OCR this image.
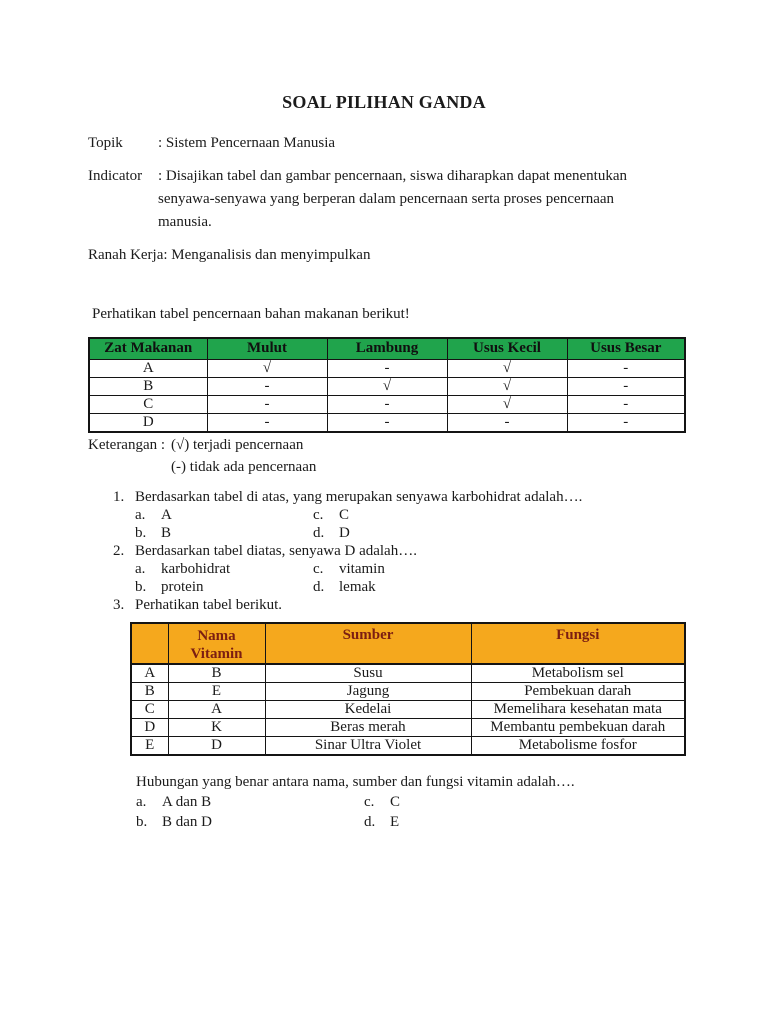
SOAL PILIHAN GANDA
Topik	: Sistem Pencernaan Manusia
Indicator	: Disajikan tabel dan gambar pencernaan, siswa diharapkan dapat menentukan senyawa-senyawa yang berperan dalam pencernaan serta proses pencernaan manusia.
Ranah Kerja : Menganalisis dan menyimpulkan
Perhatikan tabel pencernaan bahan makanan berikut!
Zat Makanan	Mulut	Lambung	Usus Kecil	Usus Besar
A	√	-	√	-
B	-	√	√	-
C	-	-	√	-
D	-	-	-	-
Keterangan : (√) terjadi pencernaan
(-) tidak ada pencernaan
1. Berdasarkan tabel di atas, yang merupakan senyawa karbohidrat adalah….
a.	A	c.	C
b. B	d. D
2. Berdasarkan tabel diatas, senyawa D adalah….
a.	karbohidrat	c.	vitamin
b. protein	d. lemak
3. Perhatikan tabel berikut.
	Nama Vitamin	Sumber	Fungsi
A	B	Susu	Metabolism sel
B	E	Jagung	Pembekuan darah
C	A	Kedelai	Memelihara kesehatan mata
D	K	Beras merah	Membantu pembekuan darah
E	D	Sinar Ultra Violet	Metabolisme fosfor
Hubungan yang benar antara nama, sumber dan fungsi vitamin adalah….
a.	A dan B	c.	C
b. B dan D	d. E
